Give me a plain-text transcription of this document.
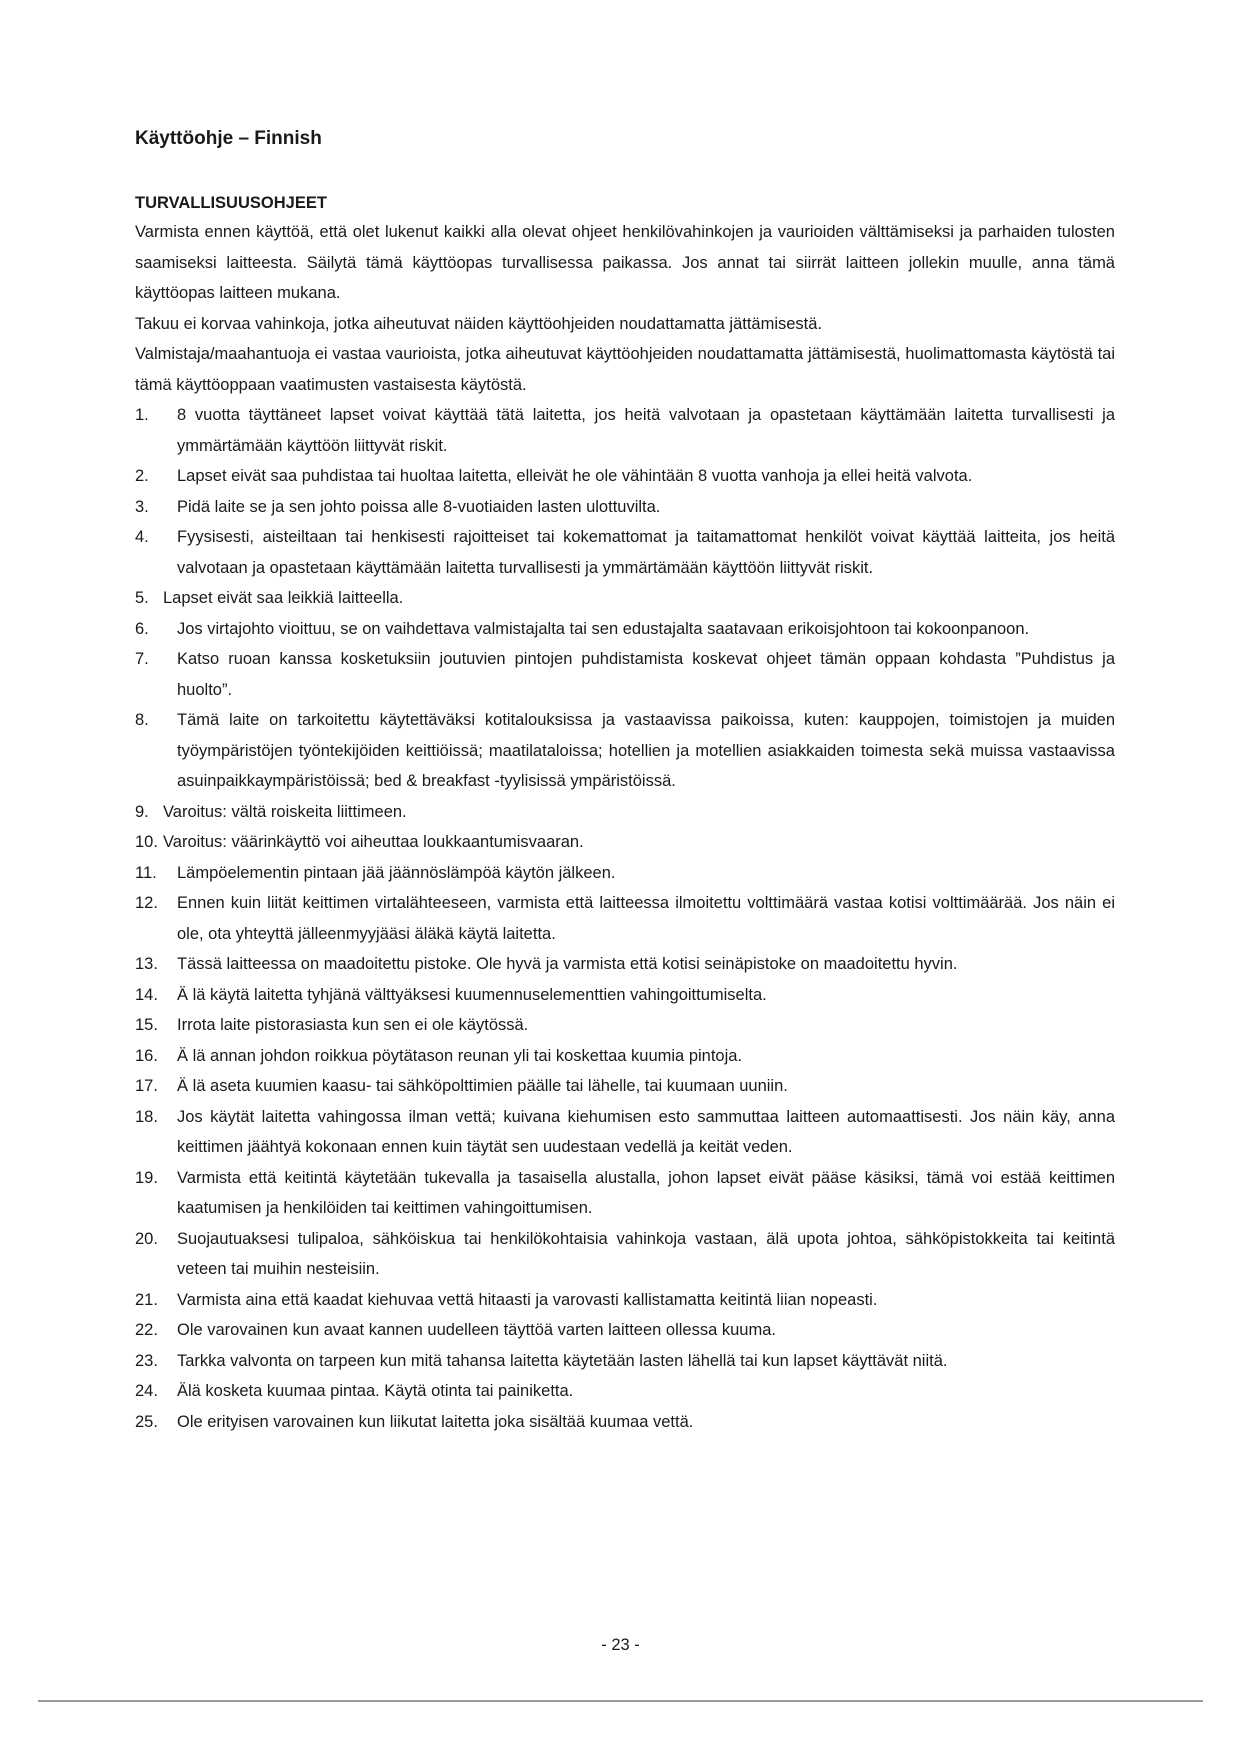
Käyttöohje – Finnish
TURVALLISUUSOHJEET

Varmista ennen käyttöä, että olet lukenut kaikki alla olevat ohjeet henkilövahinkojen ja vaurioiden välttämiseksi ja parhaiden tulosten saamiseksi laitteesta. Säilytä tämä käyttöopas turvallisessa paikassa. Jos annat tai siirrät laitteen jollekin muulle, anna tämä käyttöopas laitteen mukana.

Takuu ei korvaa vahinkoja, jotka aiheutuvat näiden käyttöohjeiden noudattamatta jättämisestä.

Valmistaja/maahantuoja ei vastaa vaurioista, jotka aiheutuvat käyttöohjeiden noudattamatta jättämisestä, huolimattomasta käytöstä tai tämä käyttöoppaan vaatimusten vastaisesta käytöstä.

1. 8 vuotta täyttäneet lapset voivat käyttää tätä laitetta, jos heitä valvotaan ja opastetaan käyttämään laitetta turvallisesti ja ymmärtämään käyttöön liittyvät riskit.
2. Lapset eivät saa puhdistaa tai huoltaa laitetta, elleivät he ole vähintään 8 vuotta vanhoja ja ellei heitä valvota.
3. Pidä laite se ja sen johto poissa alle 8-vuotiaiden lasten ulottuvilta.
4. Fyysisesti, aisteiltaan tai henkisesti rajoitteiset tai kokemattomat ja taitamattomat henkilöt voivat käyttää laitteita, jos heitä valvotaan ja opastetaan käyttämään laitetta turvallisesti ja ymmärtämään käyttöön liittyvät riskit.
5. Lapset eivät saa leikkiä laitteella.
6. Jos virtajohto vioittuu, se on vaihdettava valmistajalta tai sen edustajalta saatavaan erikoisjohtoon tai kokoonpanoon.
7. Katso ruoan kanssa kosketuksiin joutuvien pintojen puhdistamista koskevat ohjeet tämän oppaan kohdasta ”Puhdistus ja huolto”.
8. Tämä laite on tarkoitettu käytettäväksi kotitalouksissa ja vastaavissa paikoissa, kuten: kauppojen, toimistojen ja muiden työympäristöjen työntekijöiden keittiöissä; maatilataloissa; hotellien ja motellien asiakkaiden toimesta sekä muissa vastaavissa asuinpaikkaympäristöissä; bed & breakfast -tyylisissä ympäristöissä.
9. Varoitus: vältä roiskeita liittimeen.
10. Varoitus: väärinkäyttö voi aiheuttaa loukkaantumisvaaran.
11. Lämpöelementin pintaan jää jäännöslämpöä käytön jälkeen.
12. Ennen kuin liität keittimen virtalähteeseen, varmista että laitteessa ilmoitettu volttimäärä vastaa kotisi volttimäärää. Jos näin ei ole, ota yhteyttä jälleenmyyjääsi äläkä käytä laitetta.
13. Tässä laitteessa on maadoitettu pistoke. Ole hyvä ja varmista että kotisi seinäpistoke on maadoitettu hyvin.
14. Ä lä käytä laitetta tyhjänä välttyäksesi kuumennuselementtien vahingoittumiselta.
15. Irrota laite pistorasiasta kun sen ei ole käytössä.
16. Ä lä annan johdon roikkua pöytätason reunan yli tai koskettaa kuumia pintoja.
17. Ä lä aseta kuumien kaasu- tai sähköpolttimien päälle tai lähelle, tai kuumaan uuniin.
18. Jos käytät laitetta vahingossa ilman vettä; kuivana kiehumisen esto sammuttaa laitteen automaattisesti. Jos näin käy, anna keittimen jäähtyä kokonaan ennen kuin täytät sen uudestaan vedellä ja keität veden.
19. Varmista että keitintä käytetään tukevalla ja tasaisella alustalla, johon lapset eivät pääse käsiksi, tämä voi estää keittimen kaatumisen ja henkilöiden tai keittimen vahingoittumisen.
20. Suojautuaksesi tulipaloa, sähköiskua tai henkilökohtaisia vahinkoja vastaan, älä upota johtoa, sähköpistokkeita tai keitintä veteen tai muihin nesteisiin.
21. Varmista aina että kaadat kiehuvaa vettä hitaasti ja varovasti kallistamatta keitintä liian nopeasti.
22. Ole varovainen kun avaat kannen uudelleen täyttöä varten laitteen ollessa kuuma.
23. Tarkka valvonta on tarpeen kun mitä tahansa laitetta käytetään lasten lähellä tai kun lapset käyttävät niitä.
24. Älä kosketa kuumaa pintaa. Käytä otinta tai painiketta.
25. Ole erityisen varovainen kun liikutat laitetta joka sisältää kuumaa vettä.
- 23 -
